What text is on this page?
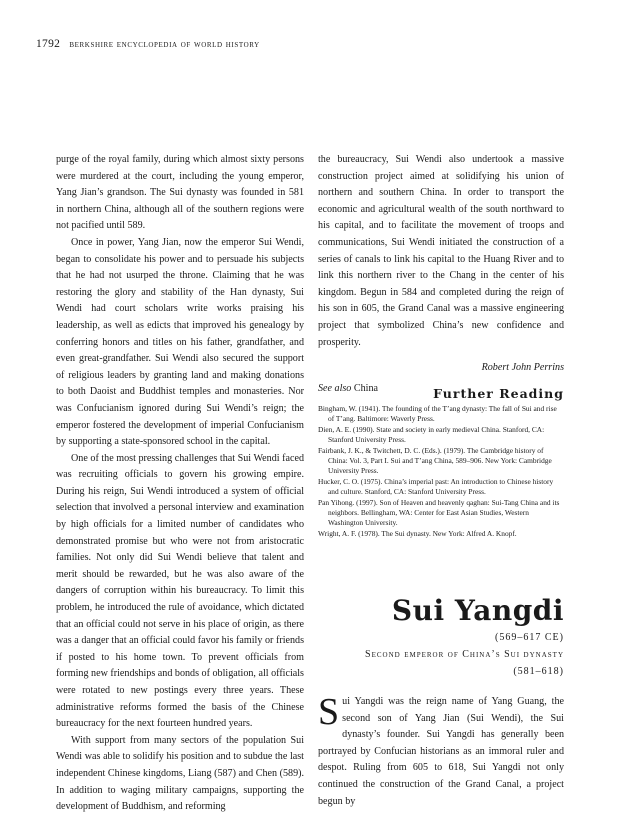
1792 berkshire encyclopedia of world history

purge of the royal family, during which almost sixty persons were murdered at the court, including the young emperor, Yang Jian’s grandson. The Sui dynasty was founded in 581 in northern China, although all of the southern regions were not pacified until 589.

Once in power, Yang Jian, now the emperor Sui Wendi, began to consolidate his power and to persuade his subjects that he had not usurped the throne. Claiming that he was restoring the glory and stability of the Han dynasty, Sui Wendi had court scholars write works praising his leadership, as well as edicts that improved his genealogy by conferring honors and titles on his father, grandfather, and even great-grandfather. Sui Wendi also secured the support of religious leaders by granting land and making donations to both Daoist and Buddhist temples and monasteries. Nor was Confucianism ignored during Sui Wendi’s reign; the emperor fostered the development of imperial Confucianism by supporting a state-sponsored school in the capital.

One of the most pressing challenges that Sui Wendi faced was recruiting officials to govern his growing empire. During his reign, Sui Wendi introduced a system of official selection that involved a personal interview and examination by high officials for a limited number of candidates who demonstrated promise but who were not from aristocratic families. Not only did Sui Wendi believe that talent and merit should be rewarded, but he was also aware of the dangers of corruption within his bureaucracy. To limit this problem, he introduced the rule of avoidance, which dictated that an official could not serve in his place of origin, as there was a danger that an official could favor his family or friends if posted to his home town. To prevent officials from forming new friendships and bonds of obligation, all officials were rotated to new postings every three years. These administrative reforms formed the basis of the Chinese bureaucracy for the next fourteen hundred years.

With support from many sectors of the population Sui Wendi was able to solidify his position and to subdue the last independent Chinese kingdoms, Liang (587) and Chen (589). In addition to waging military campaigns, supporting the development of Buddhism, and reforming

the bureaucracy, Sui Wendi also undertook a massive construction project aimed at solidifying his union of northern and southern China. In order to transport the economic and agricultural wealth of the south northward to his capital, and to facilitate the movement of troops and communications, Sui Wendi initiated the construction of a series of canals to link his capital to the Huang River and to link this northern river to the Chang in the center of his kingdom. Begun in 584 and completed during the reign of his son in 605, the Grand Canal was a massive engineering project that symbolized China’s new confidence and prosperity.

Robert John Perrins

See also China	Further Reading

Bingham, W. (1941). The founding of the T’ang dynasty: The fall of Sui and rise of T’ang. Baltimore: Waverly Press.

Dien, A. E. (1990). State and society in early medieval China. Stanford, CA: Stanford University Press.

Fairbank, J. K., & Twitchett, D. C. (Eds.). (1979). The Cambridge history of China: Vol. 3, Part I. Sui and T’ang China, 589–906. New York: Cambridge University Press.

Hucker, C. O. (1975). China’s imperial past: An introduction to Chinese history and culture. Stanford, CA: Stanford University Press.

Pan Yihong. (1997). Son of Heaven and heavenly qaghan: Sui-Tang China and its neighbors. Bellingham, WA: Center for East Asian Studies, Western Washington University.

Wright, A. F. (1978). The Sui dynasty. New York: Alfred A. Knopf.

Sui Yangdi
(569–617 CE)
Second emperor of China’s Sui dynasty
(581–618)
Sui Yangdi was the reign name of Yang Guang, the second son of Yang Jian (Sui Wendi), the Sui dynasty’s founder. Sui Yangdi has generally been portrayed by Confucian historians as an immoral ruler and despot. Ruling from 605 to 618, Sui Yangdi not only continued the construction of the Grand Canal, a project begun by
